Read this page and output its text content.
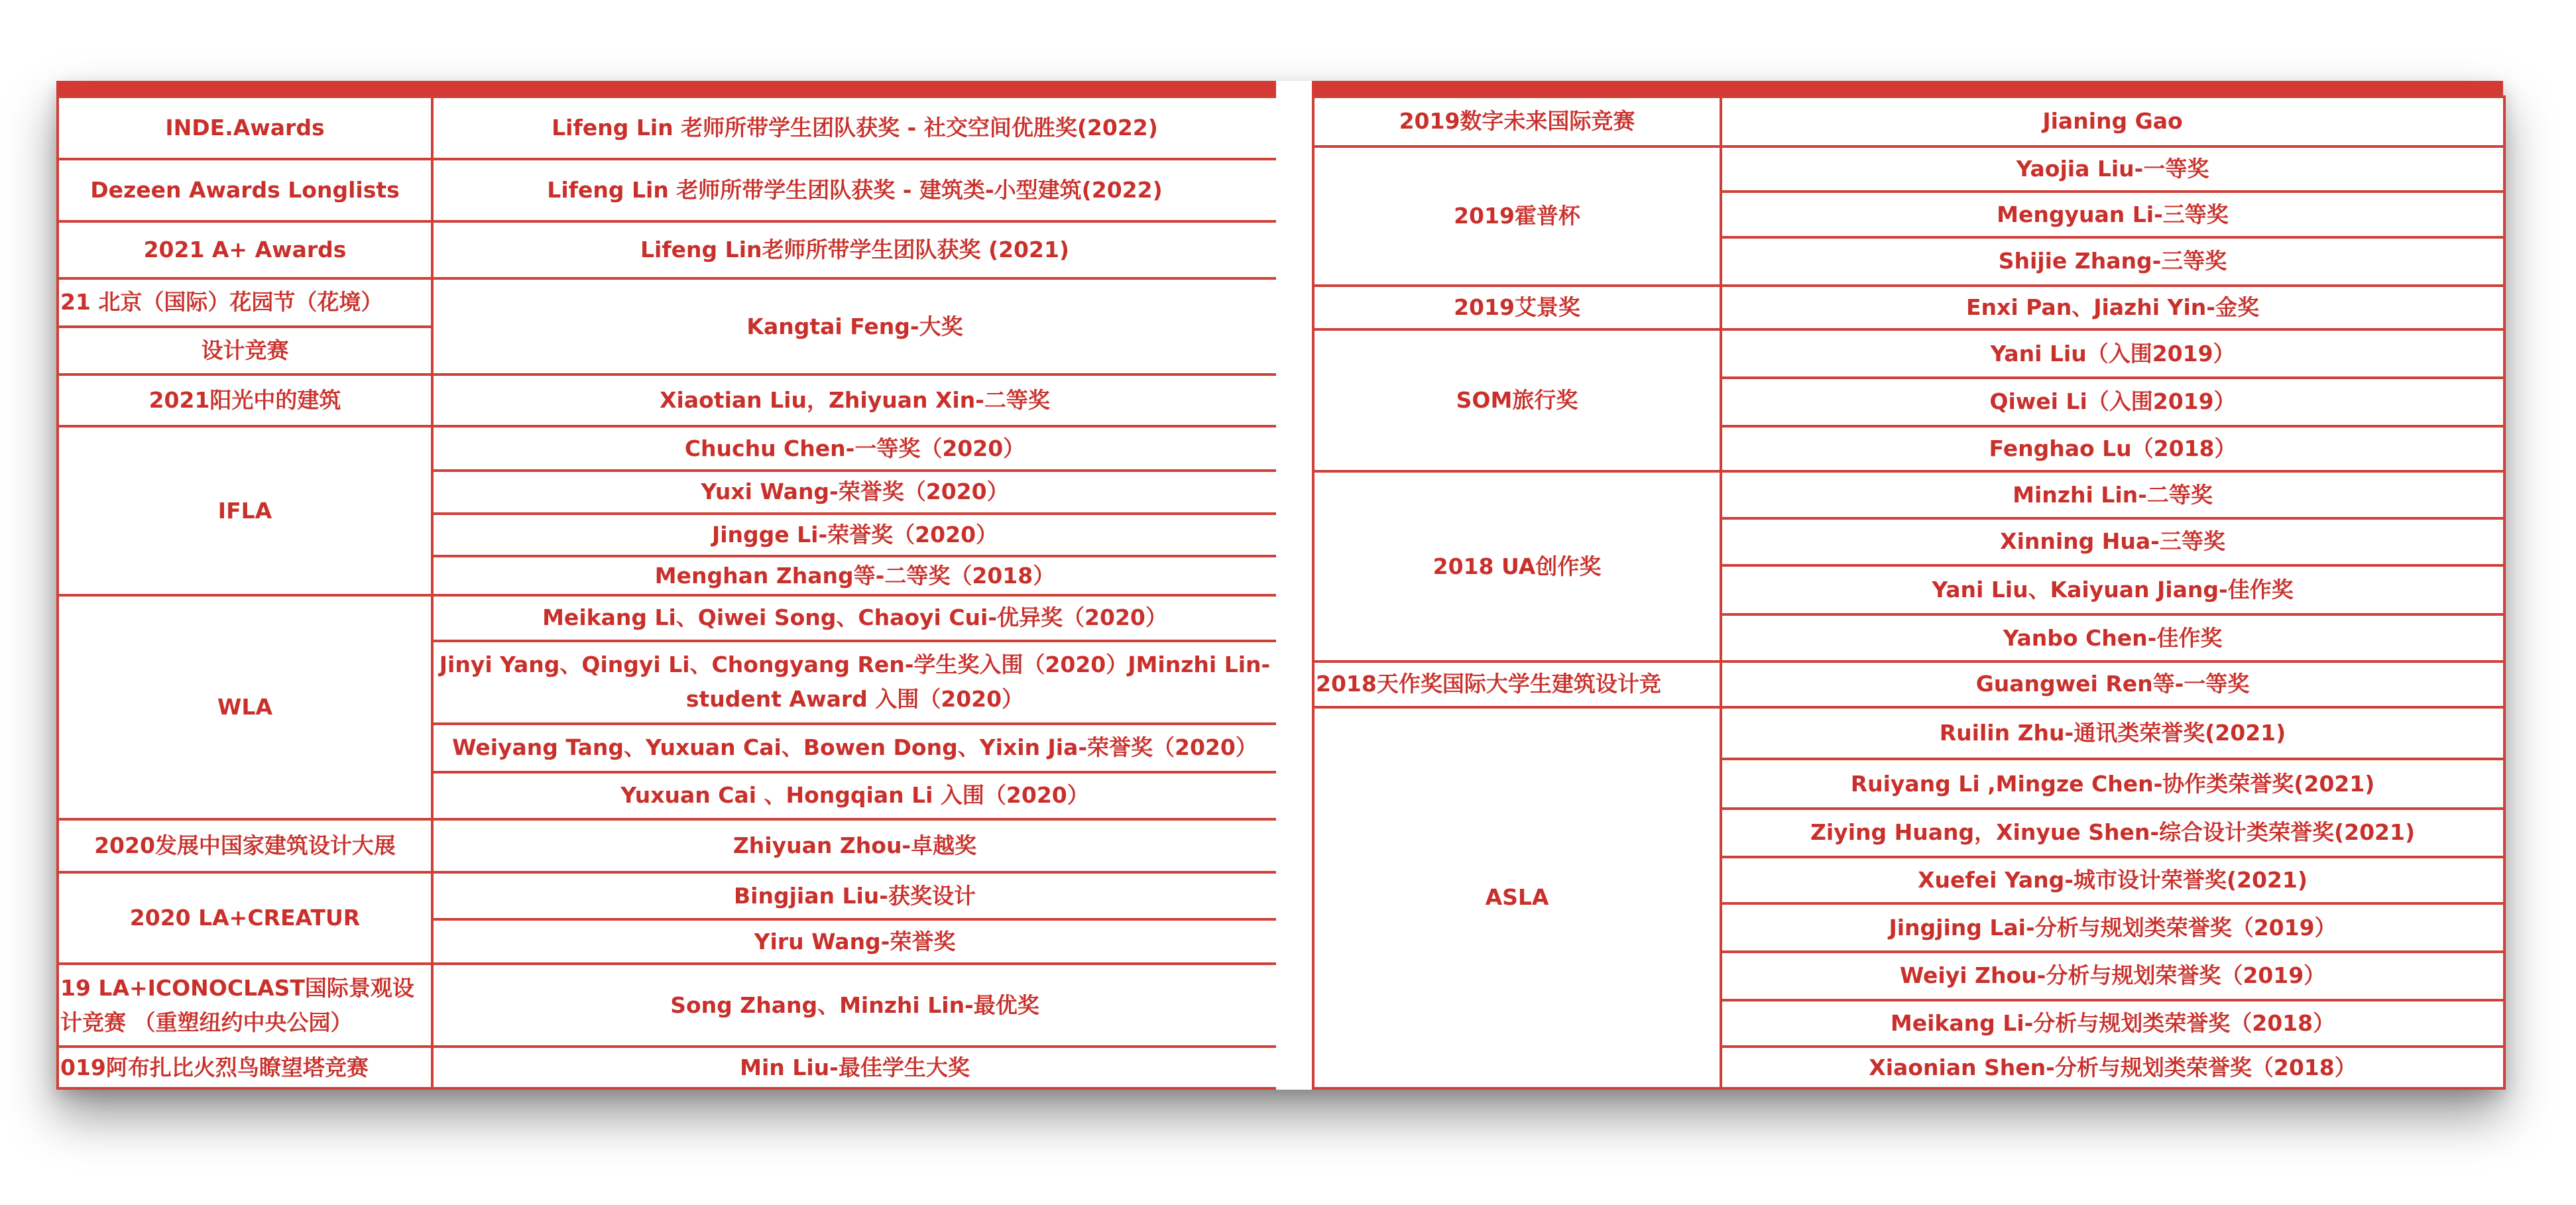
INDE.Awards	Lifeng Lin 老师所带学生团队获奖 - 社交空间优胜奖(2022)
Dezeen Awards Longlists	Lifeng Lin 老师所带学生团队获奖 - 建筑类-小型建筑(2022)
2021 A+ Awards	Lifeng Lin老师所带学生团队获奖 (2021)
21 北京（国际）花园节（花境）	Kangtai Feng-大奖
设计竞赛	
2021阳光中的建筑	Xiaotian Liu，Zhiyuan Xin-二等奖
IFLA	Chuchu Chen-一等奖（2020）
	Yuxi Wang-荣誉奖（2020）
	Jingge Li-荣誉奖（2020）
	Menghan Zhang等-二等奖（2018）
WLA	Meikang Li、Qiwei Song、Chaoyi Cui-优异奖（2020）
	Jinyi Yang、Qingyi Li、Chongyang Ren-学生奖入围（2020）JMinzhi Lin-student Award 入围（2020）
	Weiyang Tang、Yuxuan Cai、Bowen Dong、Yixin Jia-荣誉奖（2020）
	Yuxuan Cai 、Hongqian Li 入围（2020）
2020发展中国家建筑设计大展	Zhiyuan Zhou-卓越奖
2020 LA+CREATUR	Bingjian Liu-获奖设计
	Yiru Wang-荣誉奖
19 LA+ICONOCLAST国际景观设计竞赛 （重塑纽约中央公园）	Song Zhang、Minzhi Lin-最优奖
019阿布扎比火烈鸟瞭望塔竞赛	Min Liu-最佳学生大奖
2019数字未来国际竞赛	Jianing Gao
2019霍普杯	Yaojia Liu-一等奖
	Mengyuan Li-三等奖
	Shijie Zhang-三等奖
2019艾景奖	Enxi Pan、Jiazhi Yin-金奖
SOM旅行奖	Yani Liu（入围2019）
	Qiwei Li（入围2019）
	Fenghao Lu（2018）
2018 UA创作奖	Minzhi Lin-二等奖
	Xinning Hua-三等奖
	Yani Liu、Kaiyuan Jiang-佳作奖
	Yanbo Chen-佳作奖
2018天作奖国际大学生建筑设计竞	Guangwei Ren等-一等奖
ASLA	Ruilin Zhu-通讯类荣誉奖(2021)
	Ruiyang Li ,Mingze Chen-协作类荣誉奖(2021)
	Ziying Huang，Xinyue Shen-综合设计类荣誉奖(2021)
	Xuefei Yang-城市设计荣誉奖(2021)
	Jingjing Lai-分析与规划类荣誉奖（2019）
	Weiyi Zhou-分析与规划荣誉奖（2019）
	Meikang Li-分析与规划类荣誉奖（2018）
	Xiaonian Shen-分析与规划类荣誉奖（2018）
